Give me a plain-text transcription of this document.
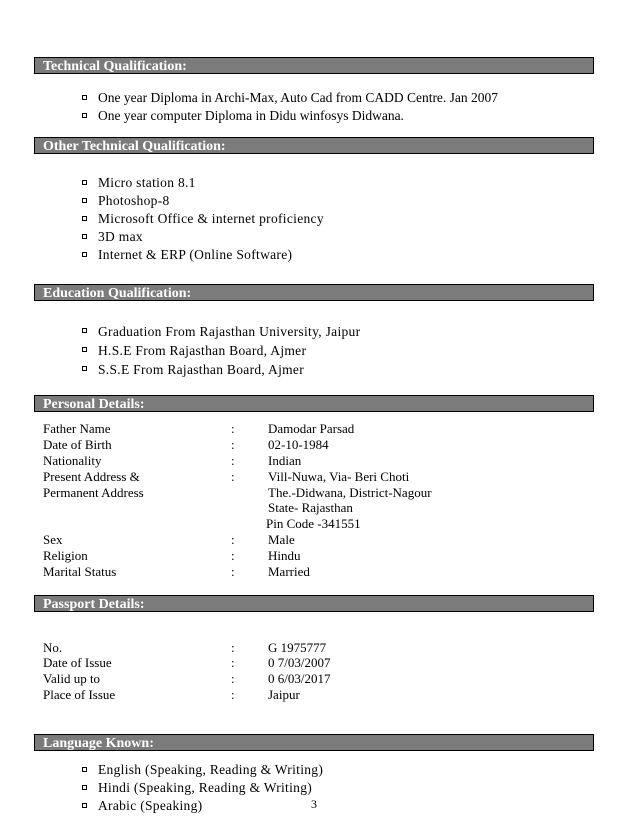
Technical Qualification:
One year Diploma in Archi-Max, Auto Cad from CADD Centre. Jan 2007
One year computer Diploma in Didu winfosys Didwana.
Other Technical Qualification:
Micro station 8.1
Photoshop-8
Microsoft Office & internet proficiency
3D max
Internet & ERP (Online Software)
Education Qualification:
Graduation From Rajasthan University, Jaipur
H.S.E From Rajasthan Board, Ajmer
S.S.E From Rajasthan Board, Ajmer
Personal Details:
Father Name	:	Damodar Parsad
Date of Birth	:	02-10-1984
Nationality	:	Indian
Present Address &	:	Vill-Nuwa, Via- Beri Choti
Permanent Address	The.-Didwana, District-Nagour
State- Rajasthan
Pin Code -341551
Sex	:	Male
Religion	:	Hindu
Marital Status	:	Married
Passport Details:
No.	:	G 1975777
Date of Issue	:	0 7/03/2007
Valid up to	:	0 6/03/2017
Place of Issue	:	Jaipur
Language Known:
English (Speaking, Reading & Writing)
Hindi (Speaking, Reading & Writing)
Arabic (Speaking)	3
